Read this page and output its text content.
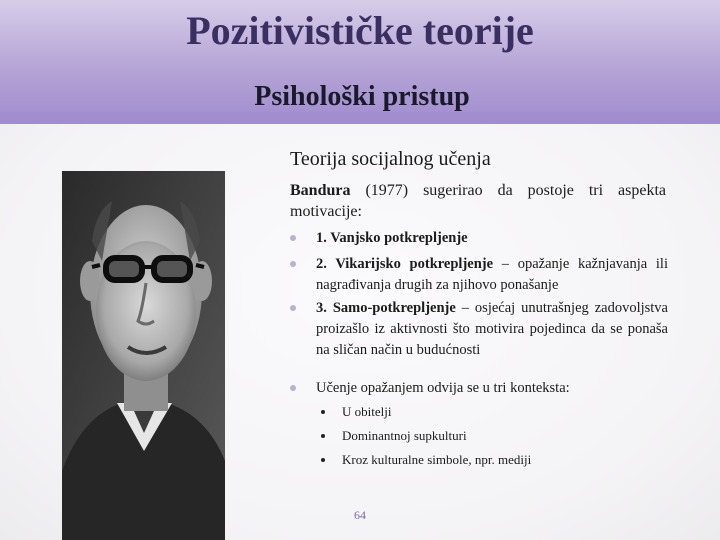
Pozitivističke teorije
Psihološki pristup
Teorija socijalnog učenja
Bandura (1977) sugerirao da postoje tri aspekta motivacije:
1. Vanjsko potkrepljenje
2. Vikarijsko potkrepljenje – opažanje kažnjavanja ili nagrađivanja drugih za njihovo ponašanje
3. Samo-potkrepljenje – osjećaj unutrašnjeg zadovoljstva proizašlo iz aktivnosti što motivira pojedinca da se ponaša na sličan način u budućnosti
Učenje opažanjem odvija se u tri konteksta:
U obitelji
Dominantnoj supkulturi
Kroz kulturalne simbole, npr. mediji
64
